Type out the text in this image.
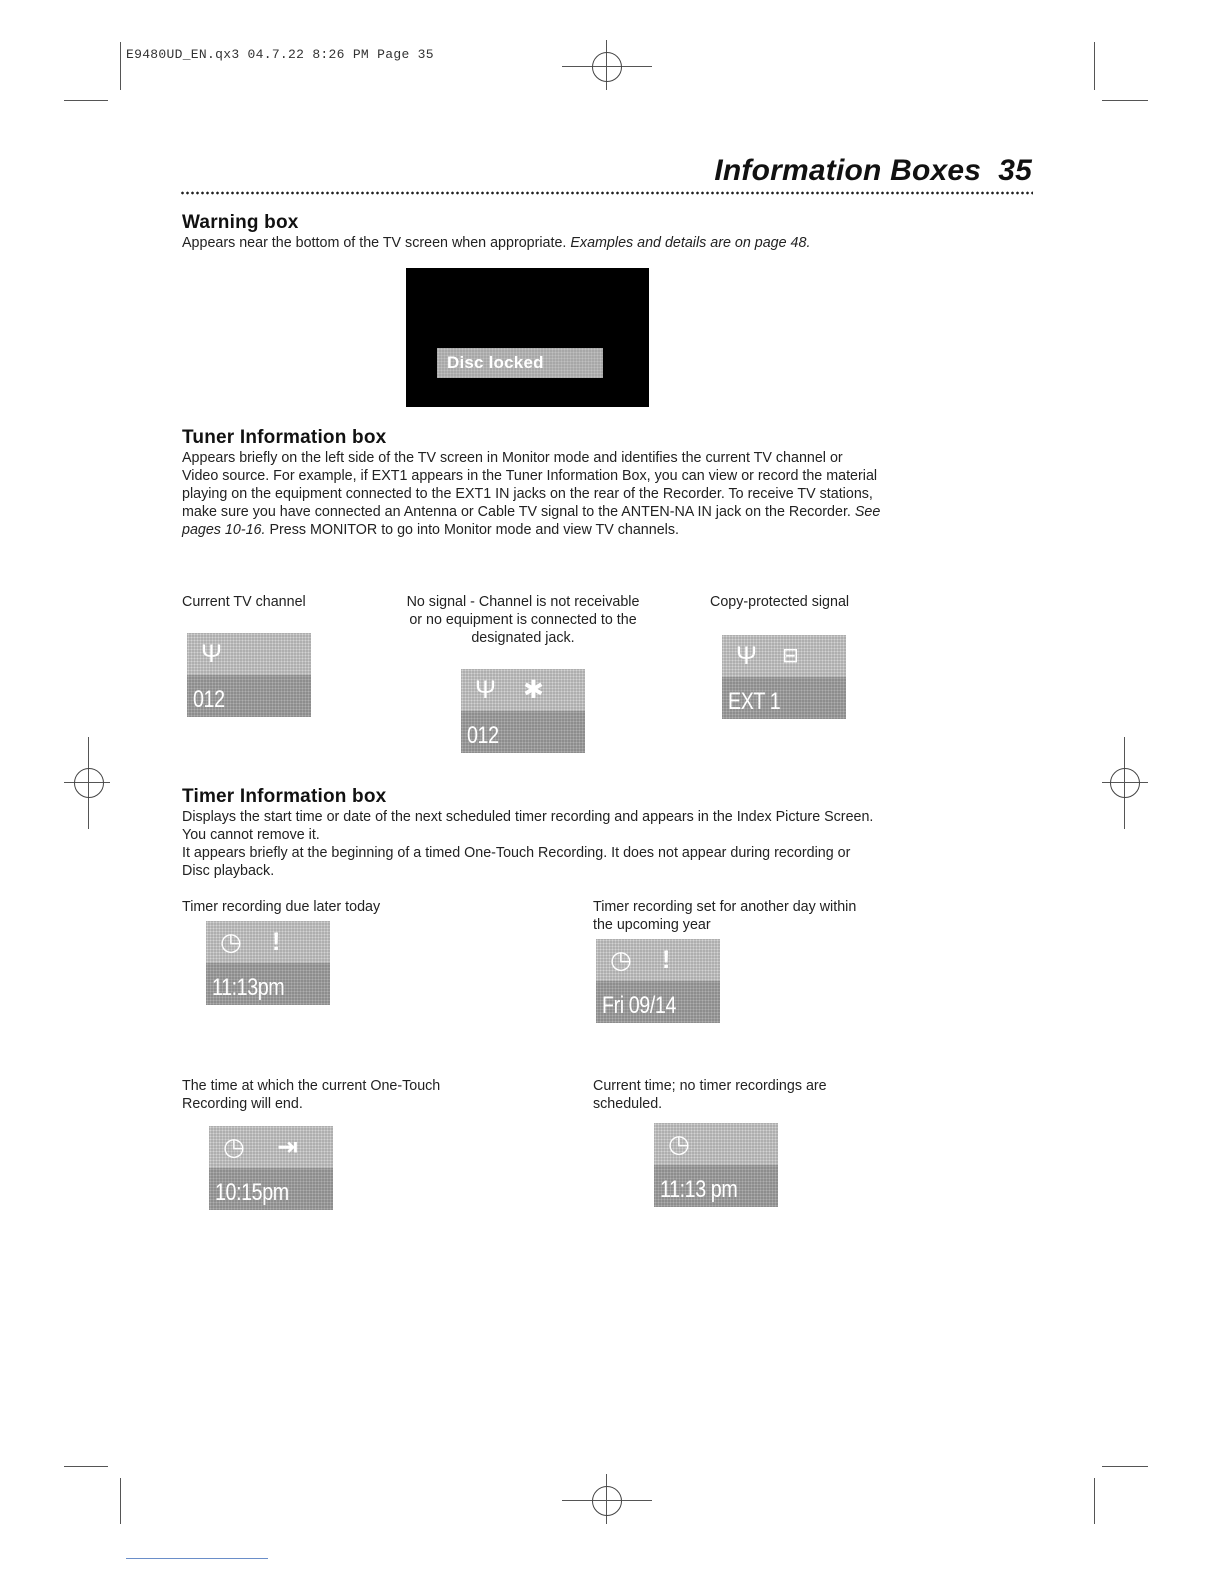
E9480UD_EN.qx3 04.7.22 8:26 PM Page 35
Information Boxes 35
Warning box

Appears near the bottom of the TV screen when appropriate. Examples and details are on page 48.

Disc locked
Tuner Information box

Appears briefly on the left side of the TV screen in Monitor mode and identifies the current TV channel or Video source. For example, if EXT1 appears in the Tuner Information Box, you can view or record the material playing on the equipment connected to the EXT1 IN jacks on the rear of the Recorder. To receive TV stations, make sure you have connected an Antenna or Cable TV signal to the ANTEN-NA IN jack on the Recorder. See pages 10-16. Press MONITOR to go into Monitor mode and view TV channels.

Current TV channel	No signal - Channel is not receivable or no equipment is connected to the designated jack.
Copy-protected signal
Ψ
012	Ψ ✱
012
Ψ ⊟
EXT 1
Timer Information box

Displays the start time or date of the next scheduled timer recording and appears in the Index Picture Screen. You cannot remove it.

It appears briefly at the beginning of a timed One-Touch Recording. It does not appear during recording or Disc playback.

Timer recording due later today	Timer recording set for another day within the upcoming year
◷ !
11:13pm
◷ !
Fri 09/14
The time at which the current One-Touch Recording will end.
Current time; no timer recordings are scheduled.
◷ ⇥
10:15pm
◷
11:13 pm
